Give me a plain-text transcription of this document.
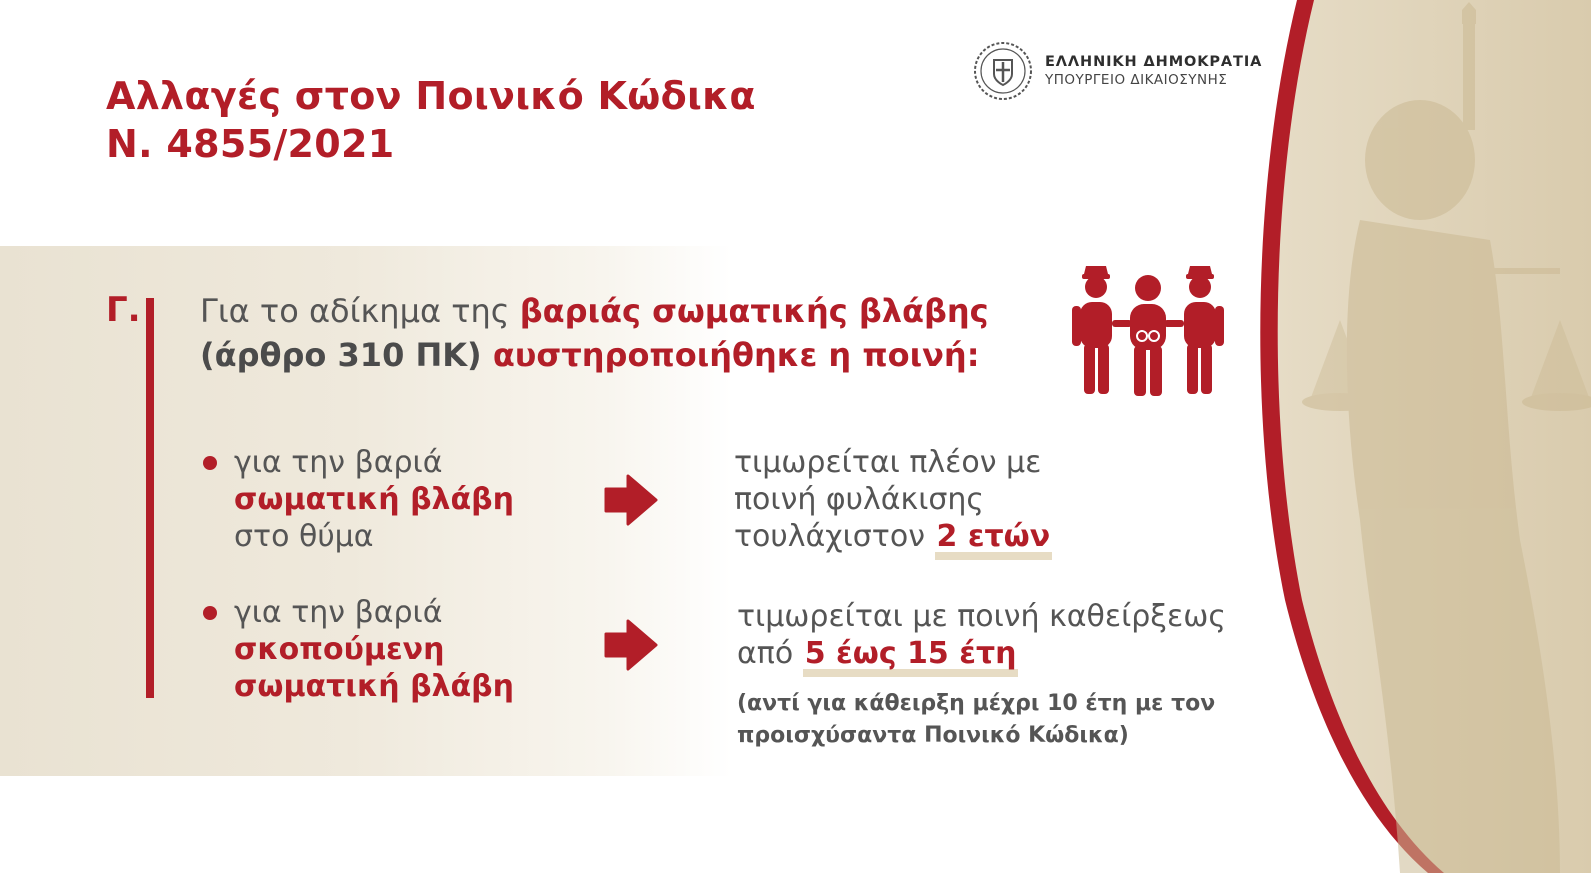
Αλλαγές στον Ποινικό Κώδικα
Ν. 4855/2021
ΕΛΛΗΝΙΚΗ ΔΗΜΟΚΡΑΤΙΑ
ΥΠΟΥΡΓΕΙΟ ΔΙΚΑΙΟΣΥΝΗΣ
Γ. Για το αδίκημα της βαριάς σωματικής βλάβης
(άρθρο 310 ΠΚ) αυστηροποιήθηκε η ποινή:
για την βαριά
σωματική βλάβη
στο θύμα
τιμωρείται πλέον με
ποινή φυλάκισης
τουλάχιστον 2 ετών
για την βαριά
σκοπούμενη
σωματική βλάβη
τιμωρείται με ποινή καθείρξεως
από 5 έως 15 έτη
(αντί για κάθειρξη μέχρι 10 έτη με τον
προισχύσαντα Ποινικό Κώδικα)
